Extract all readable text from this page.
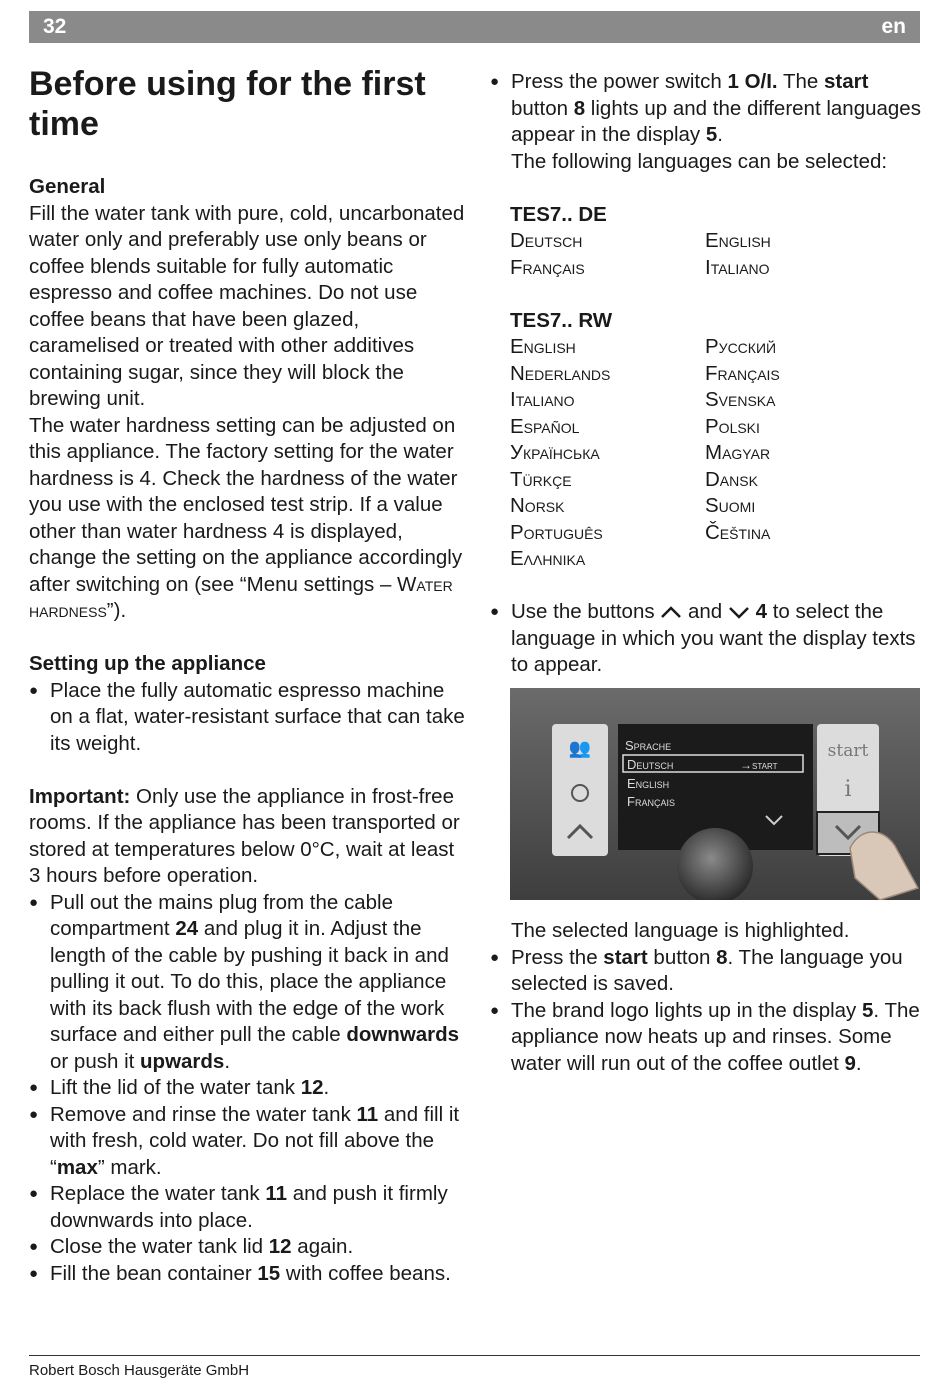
32	en
Before using for the first time

General

Fill the water tank with pure, cold, uncarbonated water only and preferably use only beans or coffee blends suitable for fully automatic espresso and coffee machines. Do not use coffee beans that have been glazed, caramelised or treated with other additives containing sugar, since they will block the brewing unit.

The water hardness setting can be adjusted on this appliance. The factory setting for the water hardness is 4. Check the hardness of the water you use with the enclosed test strip. If a value other than water hardness 4 is displayed, change the setting on the appliance accordingly after switching on (see “Menu settings – Water hardness”).

Setting up the appliance

● Place the fully automatic espresso machine on a flat, water-resistant surface that can take its weight.

Important: Only use the appliance in frost-free rooms. If the appliance has been transported or stored at temperatures below 0°C, wait at least 3 hours before operation.

● Pull out the mains plug from the cable compartment 24 and plug it in. Adjust the length of the cable by pushing it back in and pulling it out. To do this, place the appliance with its back flush with the edge of the work surface and either pull the cable downwards or push it upwards.

● Lift the lid of the water tank 12.

● Remove and rinse the water tank 11 and fill it with fresh, cold water. Do not fill above the “max” mark.

● Replace the water tank 11 and push it firmly downwards into place.

● Close the water tank lid 12 again.

● Fill the bean container 15 with coffee beans.

● Press the power switch 1 O/I. The start button 8 lights up and the different languages appear in the display 5.

The following languages can be selected:

TES7.. DE

Deutsch	English
Français	Italiano

TES7.. RW

English	Русский
Nederlands	Français
Italiano	Svenska
Español	Polski
Українська	Magyar
Türkçe	Dansk
Norsk	Suomi
Português	Čeština
Ελληνικα

● Use the buttons  and  4 to select the language in which you want the display texts to appear.

👥	Sprache
Deutsch	→start
English
Français
start
i

The selected language is highlighted.

● Press the start button 8. The language you selected is saved.

● The brand logo lights up in the display 5. The appliance now heats up and rinses. Some water will run out of the coffee outlet 9.

Robert Bosch Hausgeräte GmbH
